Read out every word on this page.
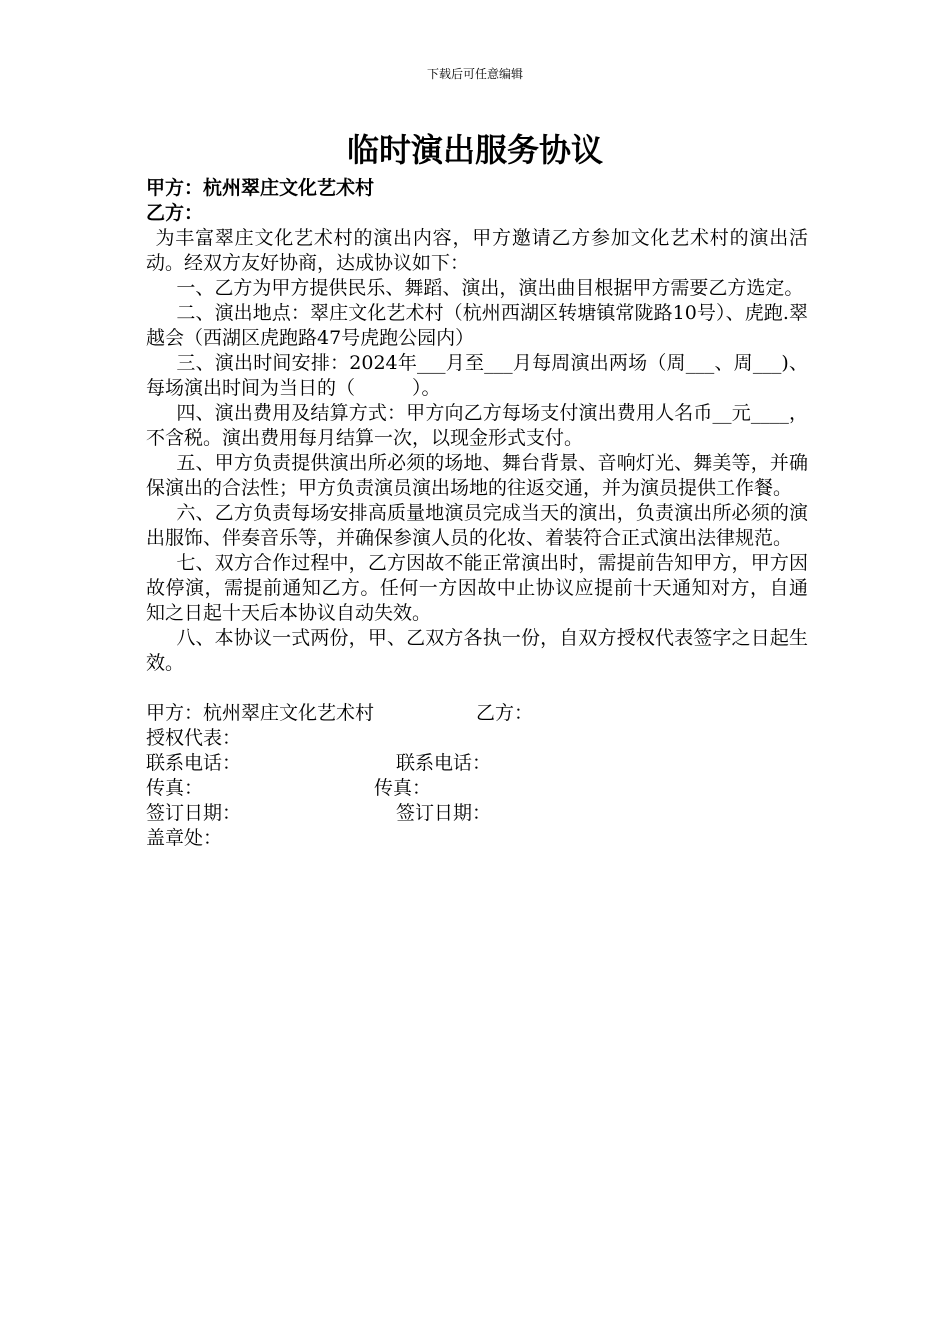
下载后可任意编辑
临时演出服务协议

甲方：杭州翠庄文化艺术村

乙方：

为丰富翠庄文化艺术村的演出内容，甲方邀请乙方参加文化艺术村的演出活动。经双方友好协商，达成协议如下：

一、乙方为甲方提供民乐、舞蹈、演出，演出曲目根据甲方需要乙方选定。

二、演出地点：翠庄文化艺术村（杭州西湖区转塘镇常陇路10号）、虎跑.翠越会（西湖区虎跑路47号虎跑公园内）

三、演出时间安排：2024年___月至___月每周演出两场（周___、周___)、每场演出时间为当日的（　　　）。

四、演出费用及结算方式：甲方向乙方每场支付演出费用人名币__元____，不含税。演出费用每月结算一次，以现金形式支付。

五、甲方负责提供演出所必须的场地、舞台背景、音响灯光、舞美等，并确保演出的合法性；甲方负责演员演出场地的往返交通，并为演员提供工作餐。

六、乙方负责每场安排高质量地演员完成当天的演出，负责演出所必须的演出服饰、伴奏音乐等，并确保参演人员的化妆、着装符合正式演出法律规范。

七、双方合作过程中，乙方因故不能正常演出时，需提前告知甲方，甲方因故停演，需提前通知乙方。任何一方因故中止协议应提前十天通知对方，自通知之日起十天后本协议自动失效。

八、本协议一式两份，甲、乙双方各执一份，自双方授权代表签字之日起生效。

甲方：杭州翠庄文化艺术村	乙方：
授权代表：
联系电话：	联系电话：
传真：	传真：
签订日期：	签订日期：
盖章处：
